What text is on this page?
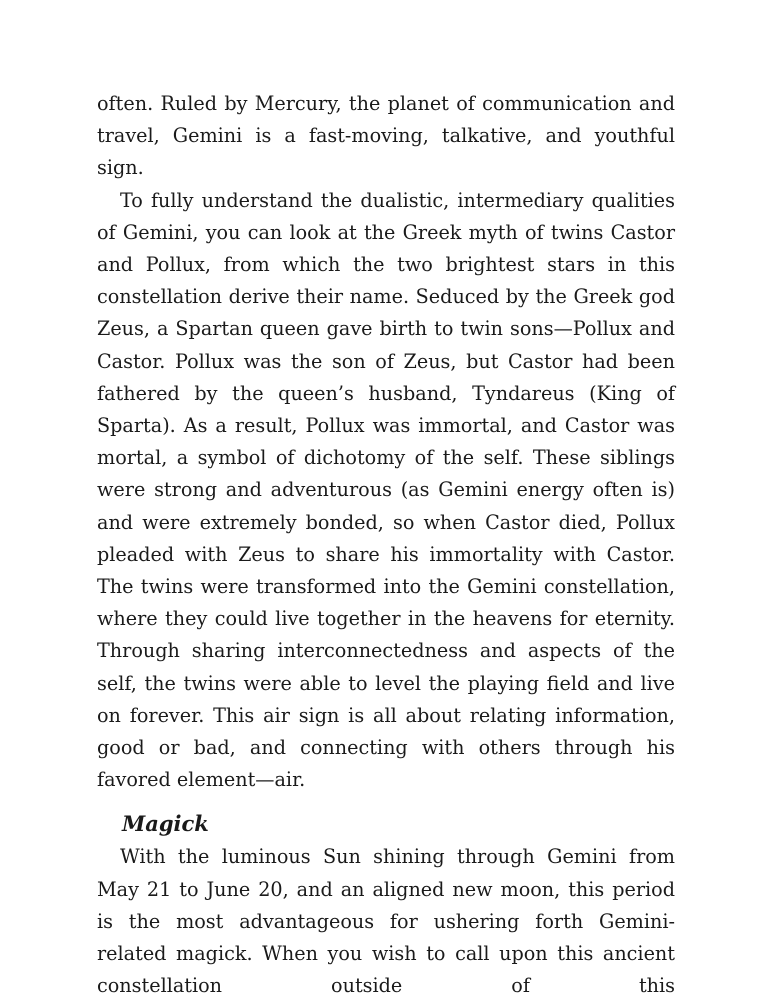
often. Ruled by Mercury, the planet of communication and travel, Gemini is a fast-moving, talkative, and youthful sign.

To fully understand the dualistic, intermediary qualities of Gemini, you can look at the Greek myth of twins Castor and Pollux, from which the two brightest stars in this constellation derive their name. Seduced by the Greek god Zeus, a Spartan queen gave birth to twin sons—Pollux and Castor. Pollux was the son of Zeus, but Castor had been fathered by the queen’s husband, Tyndareus (King of Sparta). As a result, Pollux was immortal, and Castor was mortal, a symbol of dichotomy of the self. These siblings were strong and adventurous (as Gemini energy often is) and were extremely bonded, so when Castor died, Pollux pleaded with Zeus to share his immortality with Castor. The twins were transformed into the Gemini constellation, where they could live together in the heavens for eternity. Through sharing interconnectedness and aspects of the self, the twins were able to level the playing field and live on forever. This air sign is all about relating information, good or bad, and connecting with others through his favored element—air.

Magick

With the luminous Sun shining through Gemini from May 21 to June 20, and an aligned new moon, this period is the most advantageous for ushering forth Gemini-related magick. When you wish to call upon this ancient constellation outside of this
